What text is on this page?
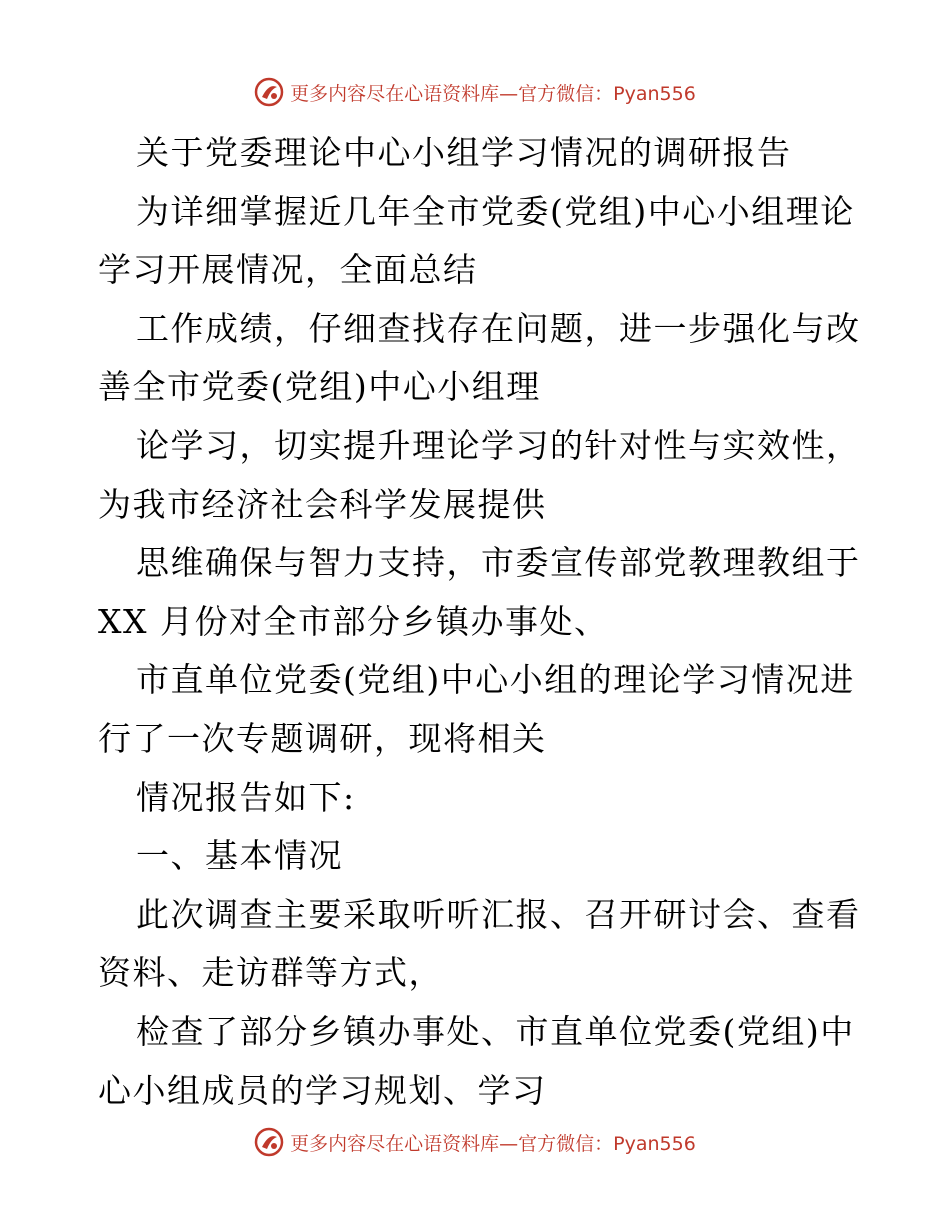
更多内容尽在心语资料库—官方微信：Pyan556
关于党委理论中心小组学习情况的调研报告
为详细掌握近几年全市党委(党组)中心小组理论
学习开展情况，全面总结
工作成绩，仔细查找存在问题，进一步强化与改
善全市党委(党组)中心小组理
论学习，切实提升理论学习的针对性与实效性，
为我市经济社会科学发展提供
思维确保与智力支持，市委宣传部党教理教组于
XX 月份对全市部分乡镇办事处、
市直单位党委(党组)中心小组的理论学习情况进
行了一次专题调研，现将相关
情况报告如下:
一、基本情况
此次调查主要采取听听汇报、召开研讨会、查看
资料、走访群等方式，
检查了部分乡镇办事处、市直单位党委(党组)中
心小组成员的学习规划、学习
更多内容尽在心语资料库—官方微信：Pyan556
